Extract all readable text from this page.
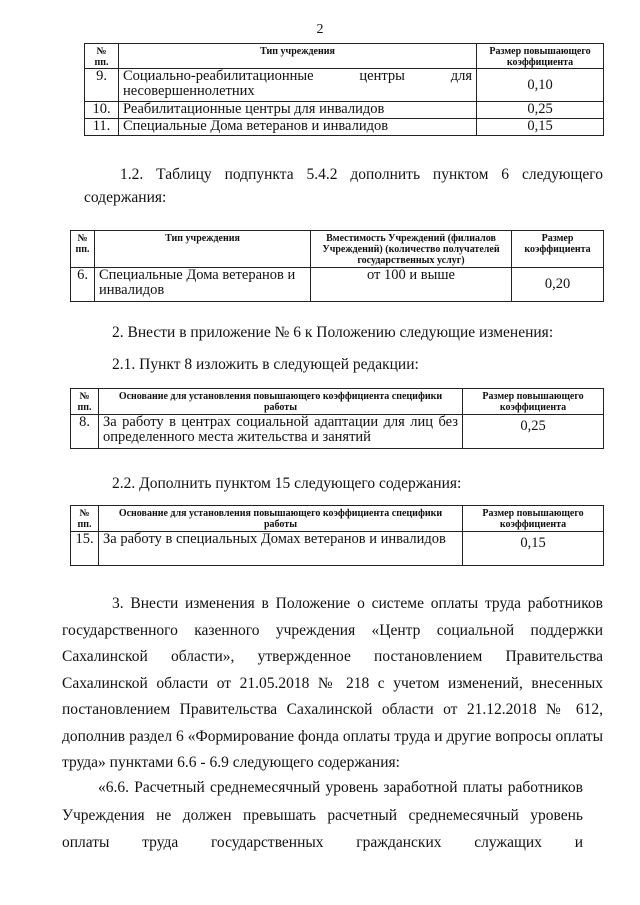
2
№ пп.	Тип учреждения	Размер повышающего коэффициента
9.	Социально-реабилитационные центры для несовершеннолетних	0,10
10.	Реабилитационные центры для инвалидов	0,25
11.	Специальные Дома ветеранов и инвалидов	0,15

1.2. Таблицу подпункта 5.4.2 дополнить пунктом 6 следующего содержания:

№ пп.	Тип учреждения	Вместимость Учреждений (филиалов Учреждений) (количество получателей государственных услуг)	Размер коэффициента
6.	Специальные Дома ветеранов и инвалидов	от 100 и выше	0,20

2. Внести в приложение № 6 к Положению следующие изменения:

2.1. Пункт 8 изложить в следующей редакции:

№ пп.	Основание для установления повышающего коэффициента специфики работы	Размер повышающего коэффициента
8.	За работу в центрах социальной адаптации для лиц без определенного места жительства и занятий	0,25

2.2. Дополнить пунктом 15 следующего содержания:

№ пп.	Основание для установления повышающего коэффициента специфики работы	Размер повышающего коэффициента
15.	За работу в специальных Домах ветеранов и инвалидов	0,15

3. Внести изменения в Положение о системе оплаты труда работников государственного казенного учреждения «Центр социальной поддержки Сахалинской области», утвержденное постановлением Правительства Сахалинской области от 21.05.2018 № 218 с учетом изменений, внесенных постановлением Правительства Сахалинской области от 21.12.2018 № 612, дополнив раздел 6 «Формирование фонда оплаты труда и другие вопросы оплаты труда» пунктами 6.6 - 6.9 следующего содержания:

«6.6. Расчетный среднемесячный уровень заработной платы работников Учреждения не должен превышать расчетный среднемесячный уровень оплаты труда государственных гражданских служащих и
